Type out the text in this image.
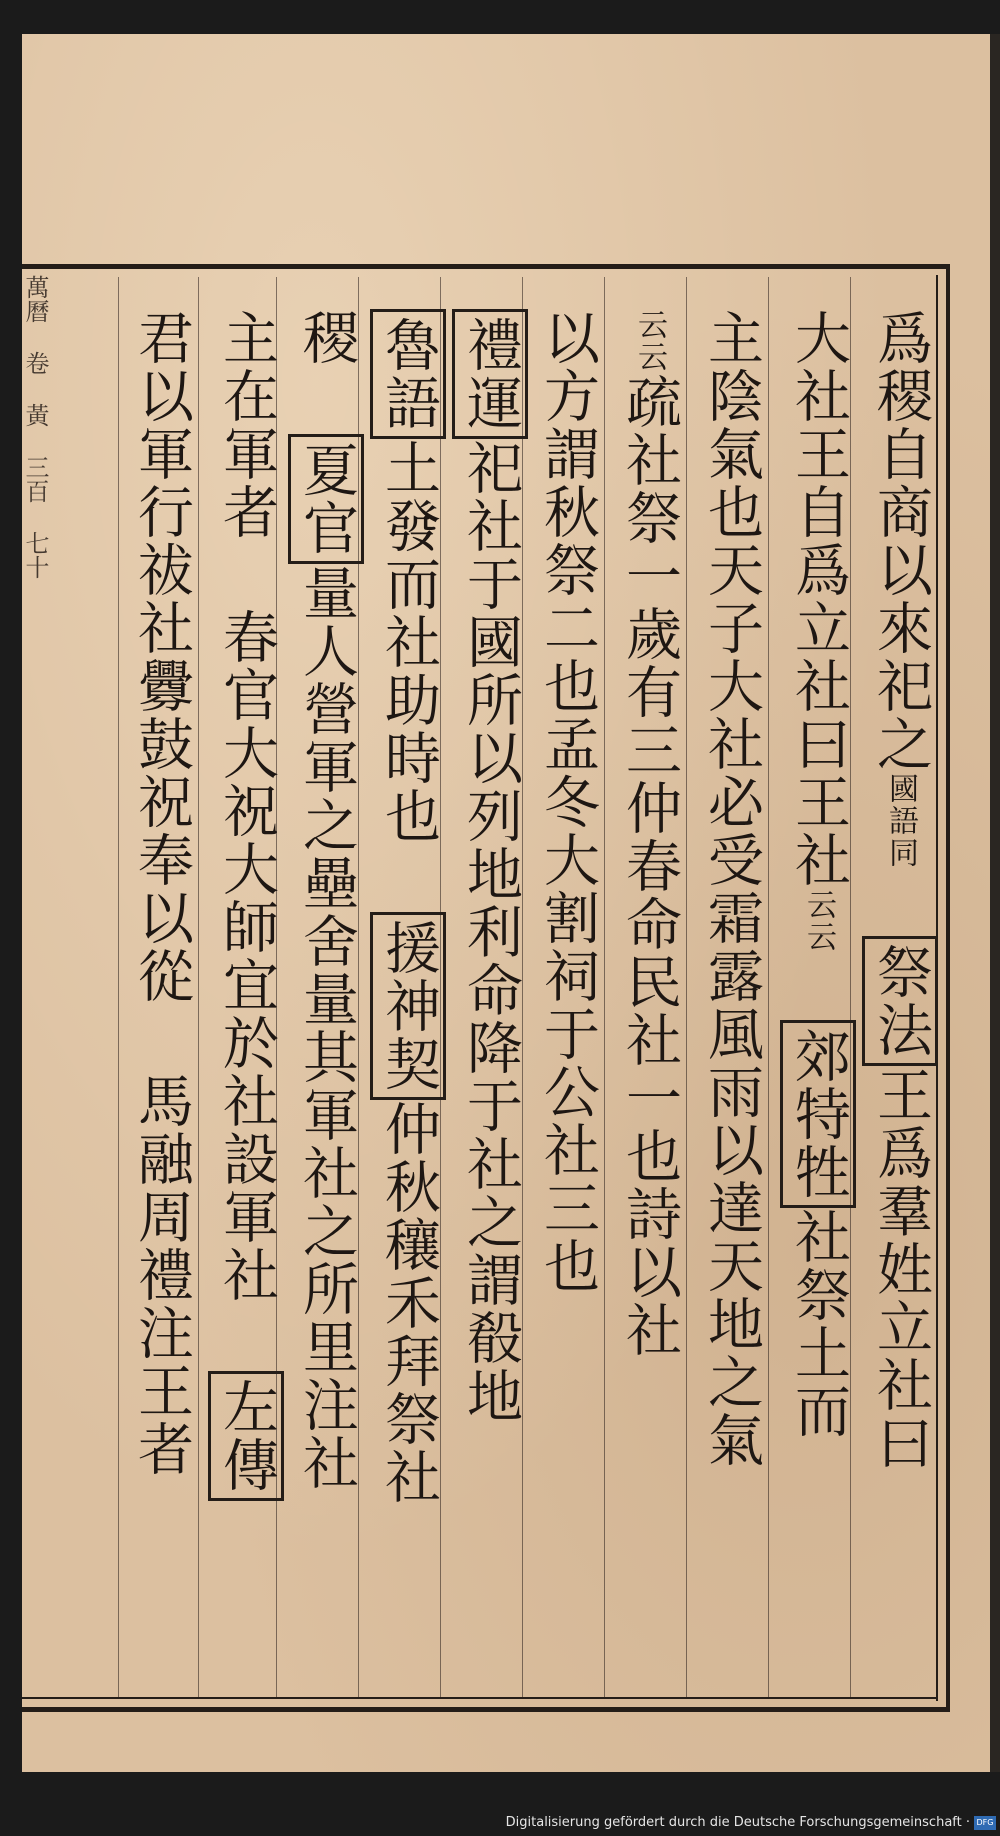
萬曆 卷 黃 三百 七十	爲稷自商以來祀之國語同 祭法王爲羣姓立社曰
大社王自爲立社曰王社云云 郊特牲社祭土而
主陰氣也天子大社必受霜露風雨以達天地之氣
云云疏社祭一歲有三仲春命民社一也詩以社
以方謂秋祭二也孟冬大割祠于公社三也
禮運祀社于國所以列地利命降于社之謂殽地
魯語土發而社助時也 援神契仲秋穰禾拜祭社
稷 夏官量人營軍之壘舍量其軍社之所里注社
主在軍者 春官大祝大師宜於社設軍社 左傳
君以軍行祓社釁鼓祝奉以從 馬融周禮注王者
Digitalisierung gefördert durch die Deutsche Forschungsgemeinschaft · DFG
